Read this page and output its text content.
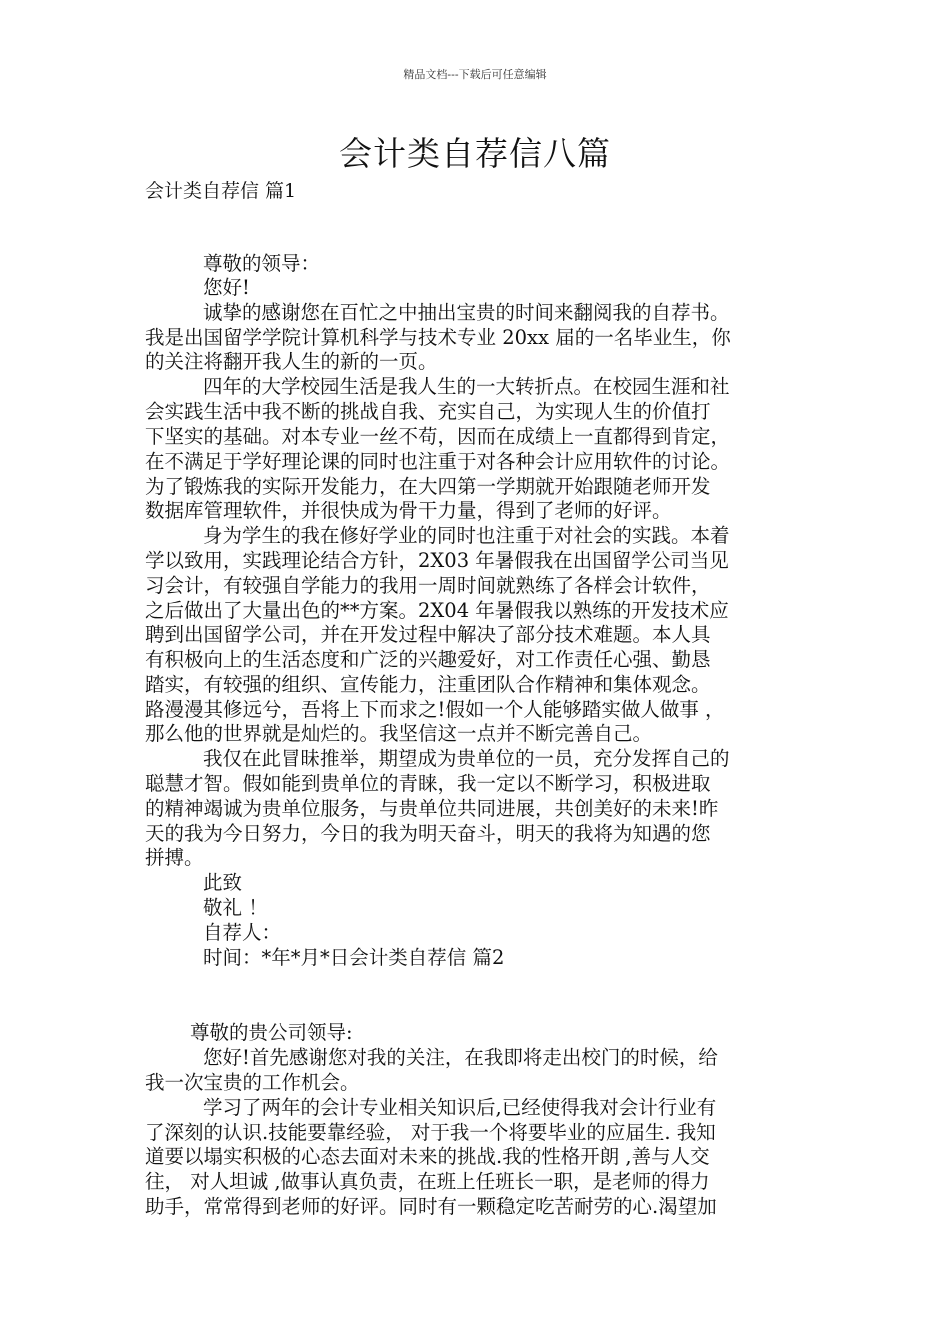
精品文档---下载后可任意编辑
会计类自荐信八篇
会计类自荐信 篇1
尊敬的领导：
您好!
诚挚的感谢您在百忙之中抽出宝贵的时间来翻阅我的自荐书。
我是出国留学学院计算机科学与技术专业 20xx 届的一名毕业生，你
的关注将翻开我人生的新的一页。
四年的大学校园生活是我人生的一大转折点。在校园生涯和社
会实践生活中我不断的挑战自我、充实自己，为实现人生的价值打
下坚实的基础。对本专业一丝不苟，因而在成绩上一直都得到肯定，
在不满足于学好理论课的同时也注重于对各种会计应用软件的讨论。
为了锻炼我的实际开发能力，在大四第一学期就开始跟随老师开发
数据库管理软件，并很快成为骨干力量，得到了老师的好评。
身为学生的我在修好学业的同时也注重于对社会的实践。本着
学以致用，实践理论结合方针，2X03 年暑假我在出国留学公司当见
习会计，有较强自学能力的我用一周时间就熟练了各样会计软件，
之后做出了大量出色的**方案。2X04 年暑假我以熟练的开发技术应
聘到出国留学公司，并在开发过程中解决了部分技术难题。本人具
有积极向上的生活态度和广泛的兴趣爱好，对工作责任心强、勤恳
踏实，有较强的组织、宣传能力，注重团队合作精神和集体观念。
路漫漫其修远兮，吾将上下而求之!假如一个人能够踏实做人做事 ，
那么他的世界就是灿烂的。我坚信这一点并不断完善自己。
我仅在此冒昧推举，期望成为贵单位的一员，充分发挥自己的
聪慧才智。假如能到贵单位的青睐，我一定以不断学习，积极进取
的精神竭诚为贵单位服务，与贵单位共同进展，共创美好的未来!昨
天的我为今日努力，今日的我为明天奋斗，明天的我将为知遇的您
拼搏。
此致
敬礼 ！
自荐人：
时间：*年*月*日会计类自荐信 篇2
尊敬的贵公司领导:
您好!首先感谢您对我的关注，在我即将走出校门的时候，给
我一次宝贵的工作机会。
学习了两年的会计专业相关知识后,已经使得我对会计行业有
了深刻的认识.技能要靠经验， 对于我一个将要毕业的应届生. 我知
道要以塌实积极的心态去面对未来的挑战.我的性格开朗 ,善与人交
往， 对人坦诚 ,做事认真负责，在班上任班长一职，是老师的得力
助手，常常得到老师的好评。同时有一颗稳定吃苦耐劳的心.渴望加
